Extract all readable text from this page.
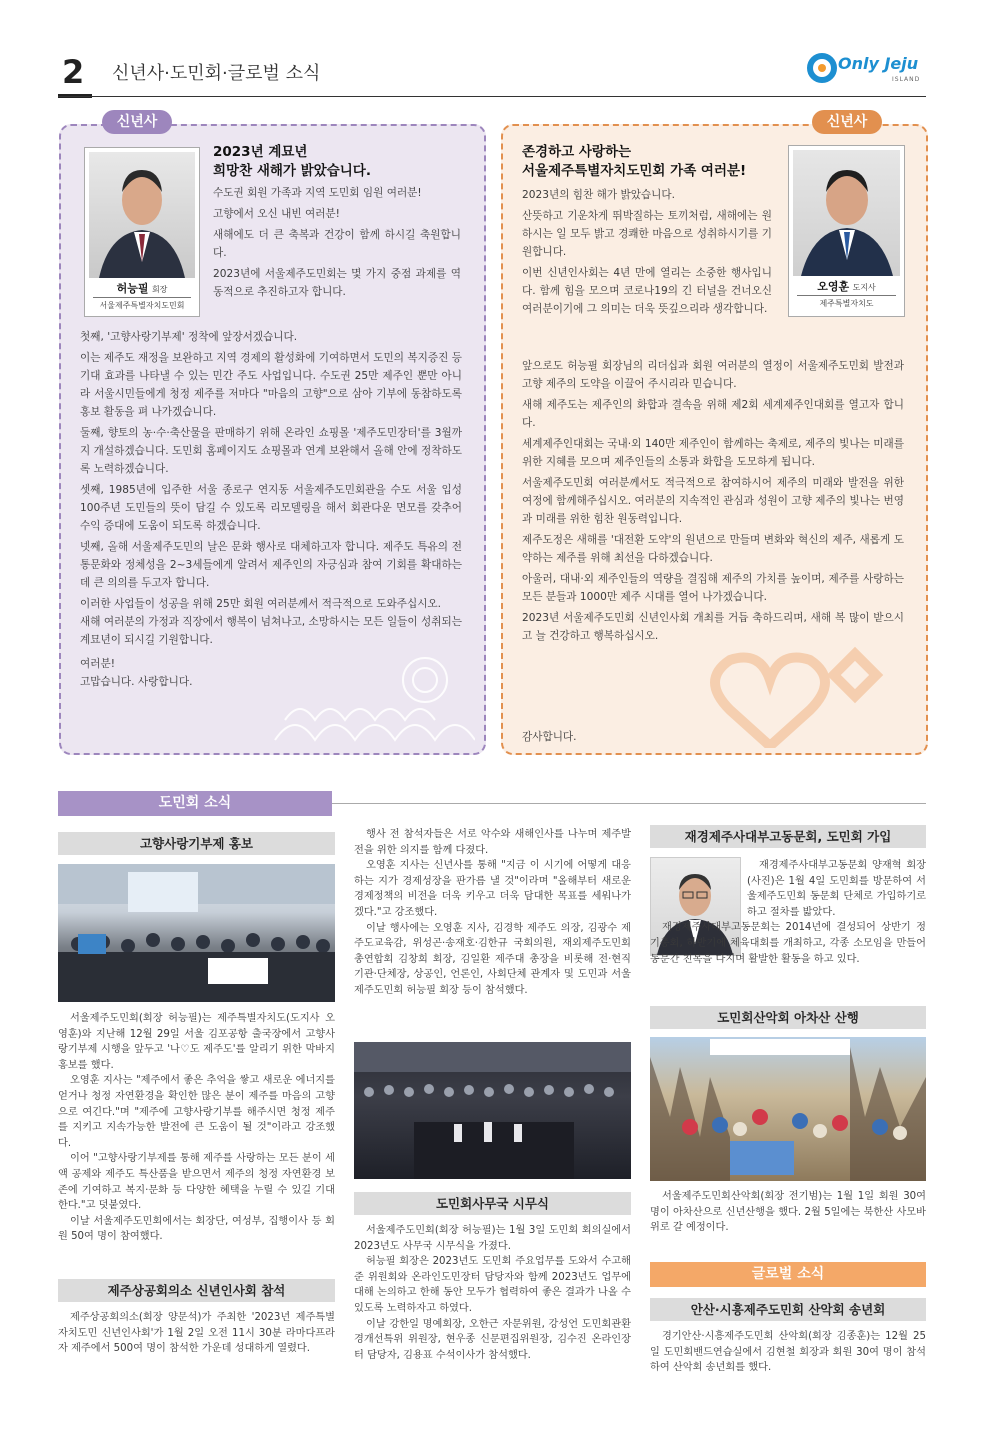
2 신년사·도민회·글로벌 소식	Only Jeju
ISLAND
신년사
허능필 회장
서울제주특별자치도민회
2023년 계묘년
희망찬 새해가 밝았습니다.

수도권 회원 가족과 지역 도민회 임원 여러분!

고향에서 오신 내빈 여러분!

새해에도 더 큰 축복과 건강이 함께 하시길 축원합니다.

2023년에 서울제주도민회는 몇 가지 중점 과제를 역동적으로 추진하고자 합니다.

첫째, '고향사랑기부제' 정착에 앞장서겠습니다.

이는 제주도 재정을 보완하고 지역 경제의 활성화에 기여하면서 도민의 복지증진 등 기대 효과를 나타낼 수 있는 민간 주도 사업입니다. 수도권 25만 제주인 뿐만 아니라 서울시민들에게 청정 제주를 저마다 "마음의 고향"으로 삼아 기부에 동참하도록 홍보 활동을 펴 나가겠습니다.

둘째, 향토의 농·수·축산물을 판매하기 위해 온라인 쇼핑몰 '제주도민장터'를 3월까지 개설하겠습니다. 도민회 홈페이지도 쇼핑몰과 연계 보완해서 올해 안에 정착하도록 노력하겠습니다.

셋째, 1985년에 입주한 서울 종로구 연지동 서울제주도민회관을 수도 서울 입성 100주년 도민들의 뜻이 담길 수 있도록 리모델링을 해서 회관다운 면모를 갖추어 수익 증대에 도움이 되도록 하겠습니다.

넷째, 올해 서울제주도민의 날은 문화 행사로 대체하고자 합니다. 제주도 특유의 전통문화와 정체성을 2~3세들에게 알려서 제주인의 자긍심과 참여 기회를 확대하는데 큰 의의를 두고자 합니다.

이러한 사업들이 성공을 위해 25만 회원 여러분께서 적극적으로 도와주십시오.
새해 여러분의 가정과 직장에서 행복이 넘쳐나고, 소망하시는 모든 일들이 성취되는 계묘년이 되시길 기원합니다.

여러분!
고맙습니다. 사랑합니다.

신년사
존경하고 사랑하는
서울제주특별자치도민회 가족 여러분!

2023년의 힘찬 해가 밝았습니다.

산뜻하고 기운차게 뛰박질하는 토끼처럼, 새해에는 원하시는 일 모두 밝고 경쾌한 마음으로 성취하시기를 기원합니다.

이번 신년인사회는 4년 만에 열리는 소중한 행사입니다. 함께 힘을 모으며 코로나19의 긴 터널을 건너오신 여러분이기에 그 의미는 더욱 뜻깊으리라 생각합니다.

오영훈 도지사
제주특별자치도

앞으로도 허능필 회장님의 리더십과 회원 여러분의 열정이 서울제주도민회 발전과 고향 제주의 도약을 이끌어 주시리라 믿습니다.

새해 제주도는 제주인의 화합과 결속을 위해 제2회 세계제주인대회를 열고자 합니다.

세계제주인대회는 국내·외 140만 제주인이 함께하는 축제로, 제주의 빛나는 미래를 위한 지혜를 모으며 제주인들의 소통과 화합을 도모하게 됩니다.

서울제주도민회 여러분께서도 적극적으로 참여하시어 제주의 미래와 발전을 위한 여정에 함께해주십시오. 여러분의 지속적인 관심과 성원이 고향 제주의 빛나는 번영과 미래를 위한 힘찬 원동력입니다.

제주도정은 새해를 '대전환 도약'의 원년으로 만들며 변화와 혁신의 제주, 새롭게 도약하는 제주를 위해 최선을 다하겠습니다.

아울러, 대내·외 제주인들의 역량을 결집해 제주의 가치를 높이며, 제주를 사랑하는 모든 분들과 1000만 제주 시대를 열어 나가겠습니다.

2023년 서울제주도민회 신년인사회 개최를 거듭 축하드리며, 새해 복 많이 받으시고 늘 건강하고 행복하십시오.

감사합니다.
도민회 소식
고향사랑기부제 홍보

서울제주도민회(회장 허능필)는 제주특별자치도(도지사 오영훈)와 지난해 12월 29일 서울 김포공항 출국장에서 고향사랑기부제 시행을 앞두고 '나♡도 제주도'를 알리기 위한 막바지 홍보를 했다.

오영훈 지사는 "제주에서 좋은 추억을 쌓고 새로운 에너지를 얻거나 청정 자연환경을 확인한 많은 분이 제주를 마음의 고향으로 여긴다."며 "제주에 고향사랑기부를 해주시면 청정 제주를 지키고 지속가능한 발전에 큰 도움이 될 것"이라고 강조했다.

이어 "고향사랑기부제를 통해 제주를 사랑하는 모든 분이 세액 공제와 제주도 특산품을 받으면서 제주의 청정 자연환경 보존에 기여하고 복지·문화 등 다양한 혜택을 누릴 수 있길 기대한다."고 덧붙였다.

이날 서울제주도민회에서는 회장단, 여성부, 집행이사 등 회원 50여 명이 참여했다.

제주상공회의소 신년인사회 참석

제주상공회의소(회장 양문석)가 주최한 '2023년 제주특별자치도민 신년인사회'가 1월 2일 오전 11시 30분 라마다프라자 제주에서 500여 명이 참석한 가운데 성대하게 열렸다.

행사 전 참석자들은 서로 악수와 새해인사를 나누며 제주발전을 위한 의지를 함께 다졌다.

오영훈 지사는 신년사를 통해 "지금 이 시기에 어떻게 대응하는 지가 경제성장을 판가름 낼 것"이라며 "올해부터 새로운 경제정책의 비전을 더욱 키우고 더욱 담대한 목표를 세워나가겠다."고 강조했다.

이날 행사에는 오영훈 지사, 김경학 제주도 의장, 김광수 제주도교육감, 위성곤·송재호·김한규 국회의원, 재외제주도민회총연합회 김창희 회장, 김일환 제주대 총장을 비롯해 전·현직 기관·단체장, 상공인, 언론인, 사회단체 관계자 및 도민과 서울제주도민회 허능필 회장 등이 참석했다.

도민회사무국 시무식

서울제주도민회(회장 허능필)는 1월 3일 도민회 회의실에서 2023년도 사무국 시무식을 가졌다.

허능필 회장은 2023년도 도민회 주요업무를 도와서 수고해준 위원회와 온라인도민장터 담당자와 함께 2023년도 업무에 대해 논의하고 한해 동안 모두가 협력하여 좋은 결과가 나올 수 있도록 노력하자고 하였다.

이날 강한일 명예회장, 오한근 자문위원, 강성언 도민회관환경개선특위 위원장, 현우종 신문편집위원장, 김수진 온라인장터 담당자, 김용표 수석이사가 참석했다.

재경제주사대부고동문회, 도민회 가입

재경제주사대부고동문회 양재혁 회장(사진)은 1월 4일 도민회를 방문하여 서울제주도민회 동문회 단체로 가입하기로 하고 절차를 밟았다.

재경제주사대부고동문회는 2014년에 결성되어 상반기 정기총회, 하반기에 체육대회를 개최하고, 각종 소모임을 만들어 동문간 친목을 다지며 활발한 활동을 하고 있다.

도민회산악회 아차산 산행

서울제주도민회산악회(회장 전기범)는 1월 1일 회원 30여 명이 아차산으로 신년산행을 했다. 2월 5일에는 북한산 사모바위로 갈 예정이다.

글로벌 소식
안산·시흥제주도민회 산악회 송년회

경기안산·시흥제주도민회 산악회(회장 김종훈)는 12월 25일 도민회밴드연습실에서 김현철 회장과 회원 30여 명이 참석하여 산악회 송년회를 했다.
